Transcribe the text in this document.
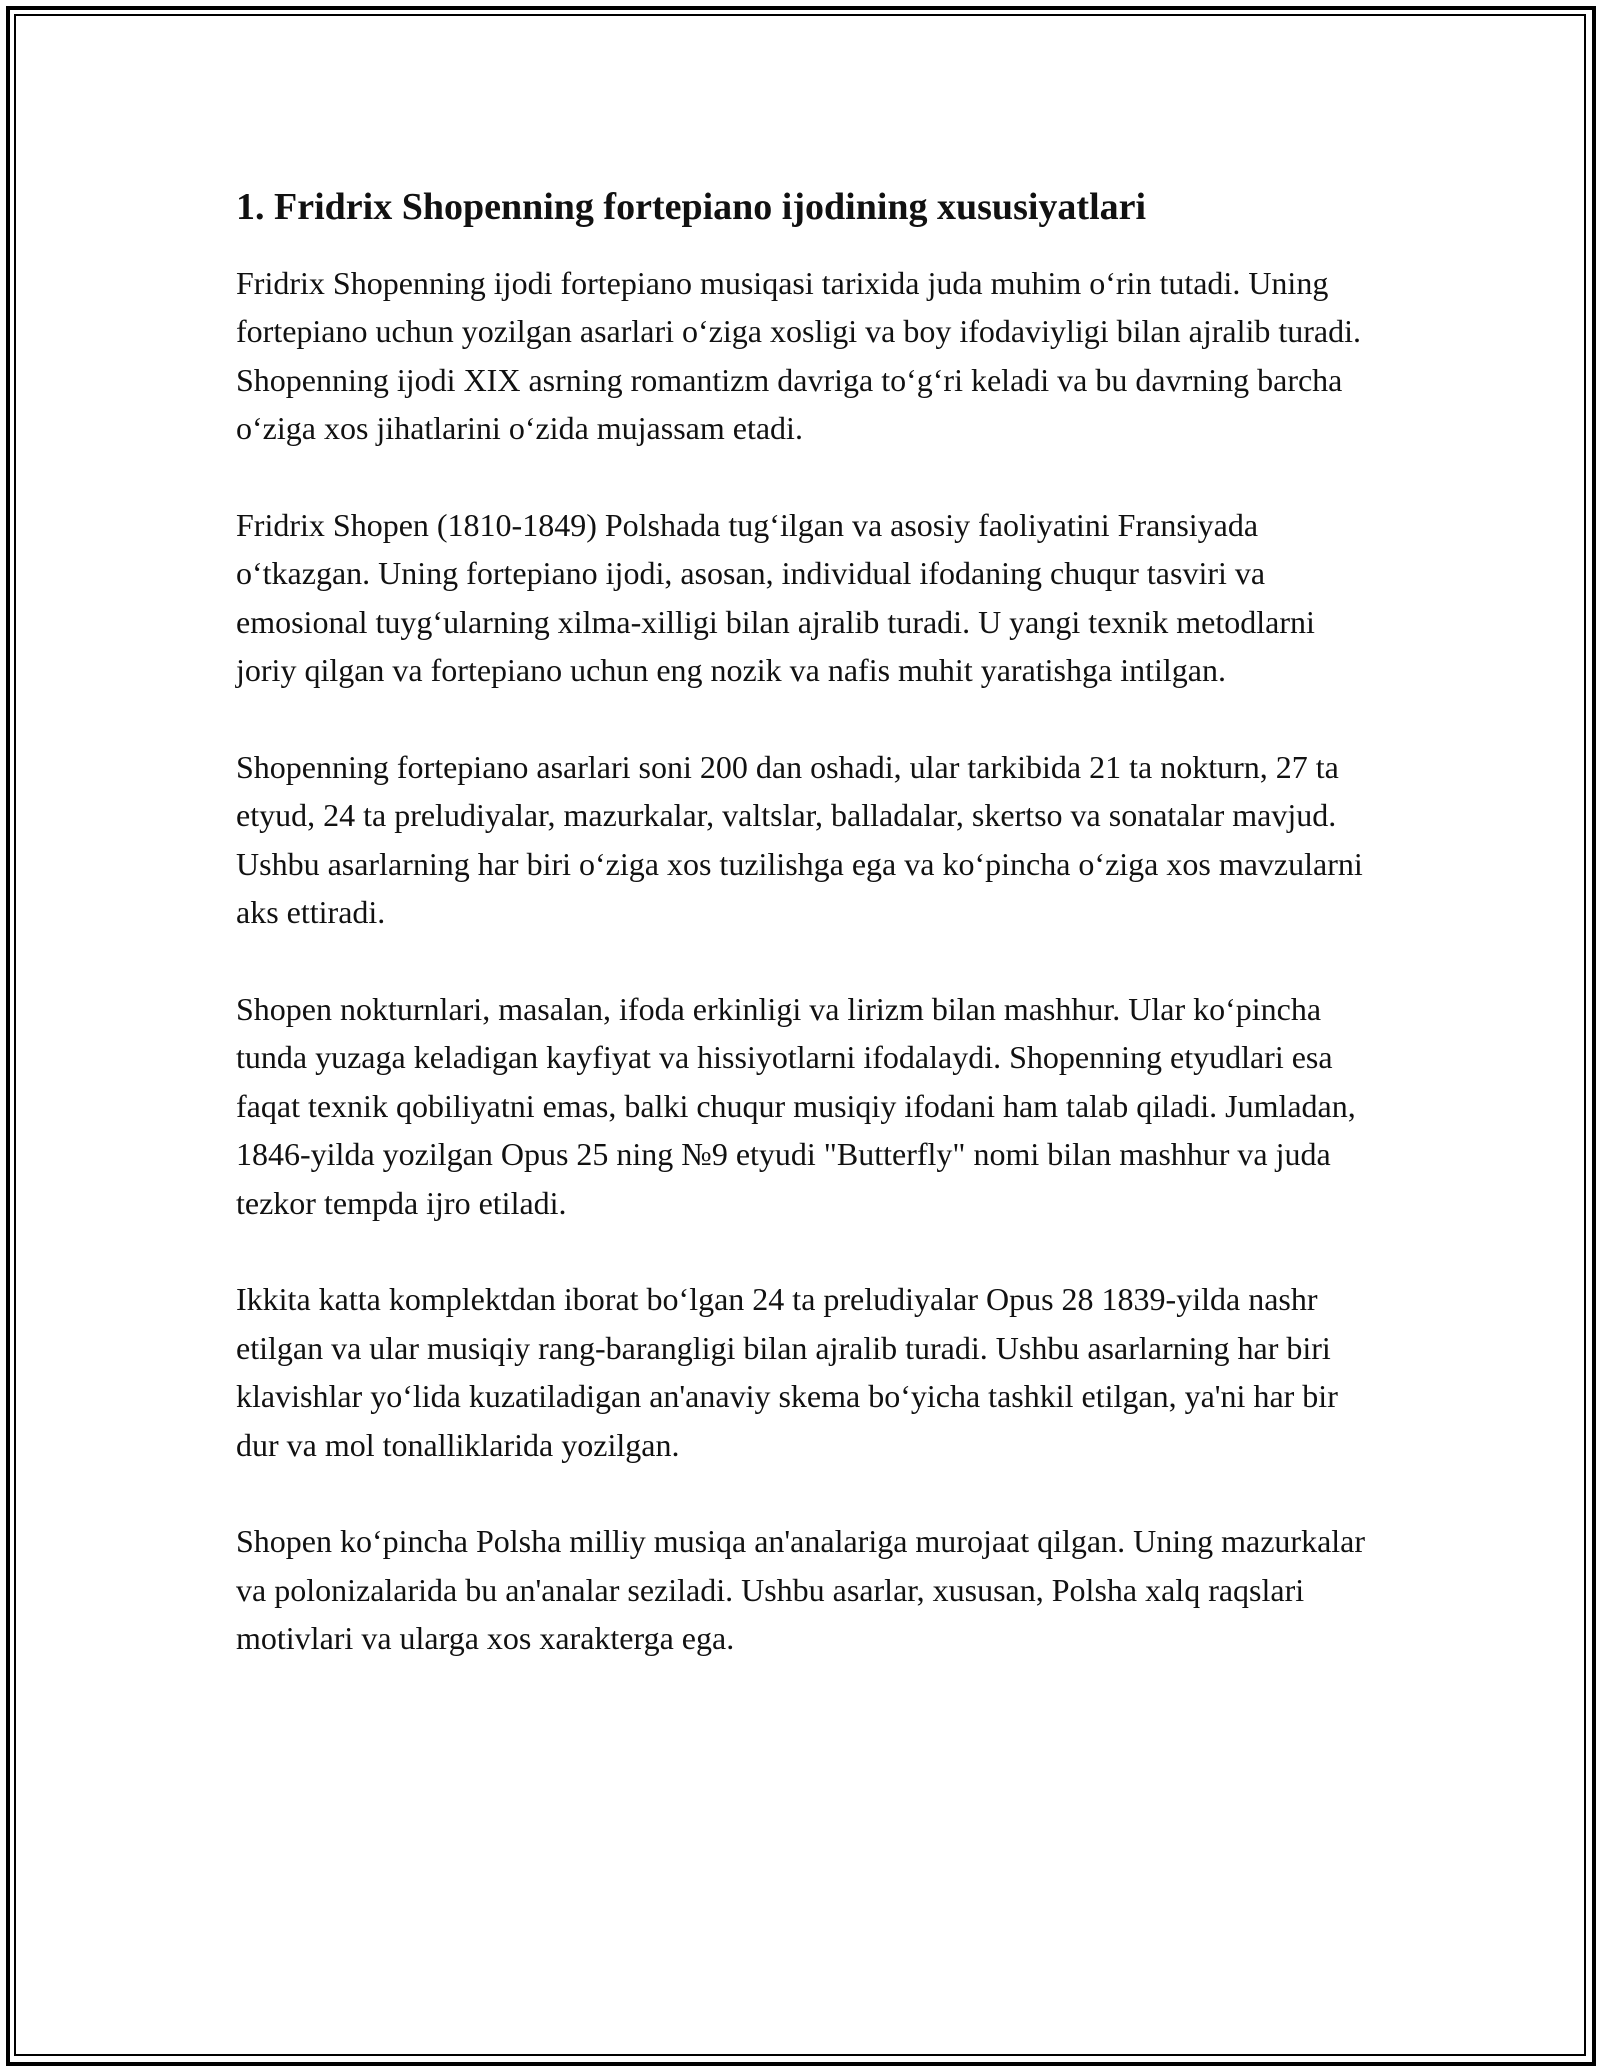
1. Fridrix Shopenning fortepiano ijodining xususiyatlari

Fridrix Shopenning ijodi fortepiano musiqasi tarixida juda muhim o‘rin tutadi. Uning fortepiano uchun yozilgan asarlari o‘ziga xosligi va boy ifodaviyligi bilan ajralib turadi. Shopenning ijodi XIX asrning romantizm davriga to‘g‘ri keladi va bu davrning barcha o‘ziga xos jihatlarini o‘zida mujassam etadi.

Fridrix Shopen (1810-1849) Polshada tug‘ilgan va asosiy faoliyatini Fransiyada o‘tkazgan. Uning fortepiano ijodi, asosan, individual ifodaning chuqur tasviri va emosional tuyg‘ularning xilma-xilligi bilan ajralib turadi. U yangi texnik metodlarni joriy qilgan va fortepiano uchun eng nozik va nafis muhit yaratishga intilgan.

Shopenning fortepiano asarlari soni 200 dan oshadi, ular tarkibida 21 ta nokturn, 27 ta etyud, 24 ta preludiyalar, mazurkalar, valtslar, balladalar, skertso va sonatalar mavjud. Ushbu asarlarning har biri o‘ziga xos tuzilishga ega va ko‘pincha o‘ziga xos mavzularni aks ettiradi.

Shopen nokturnlari, masalan, ifoda erkinligi va lirizm bilan mashhur. Ular ko‘pincha tunda yuzaga keladigan kayfiyat va hissiyotlarni ifodalaydi. Shopenning etyudlari esa faqat texnik qobiliyatni emas, balki chuqur musiqiy ifodani ham talab qiladi. Jumladan, 1846-yilda yozilgan Opus 25 ning №9 etyudi "Butterfly" nomi bilan mashhur va juda tezkor tempda ijro etiladi.

Ikkita katta komplektdan iborat bo‘lgan 24 ta preludiyalar Opus 28 1839-yilda nashr etilgan va ular musiqiy rang-barangligi bilan ajralib turadi. Ushbu asarlarning har biri klavishlar yo‘lida kuzatiladigan an'anaviy skema bo‘yicha tashkil etilgan, ya'ni har bir dur va mol tonalliklarida yozilgan.

Shopen ko‘pincha Polsha milliy musiqa an'analariga murojaat qilgan. Uning mazurkalar va polonizalarida bu an'analar seziladi. Ushbu asarlar, xususan, Polsha xalq raqslari motivlari va ularga xos xarakterga ega.
